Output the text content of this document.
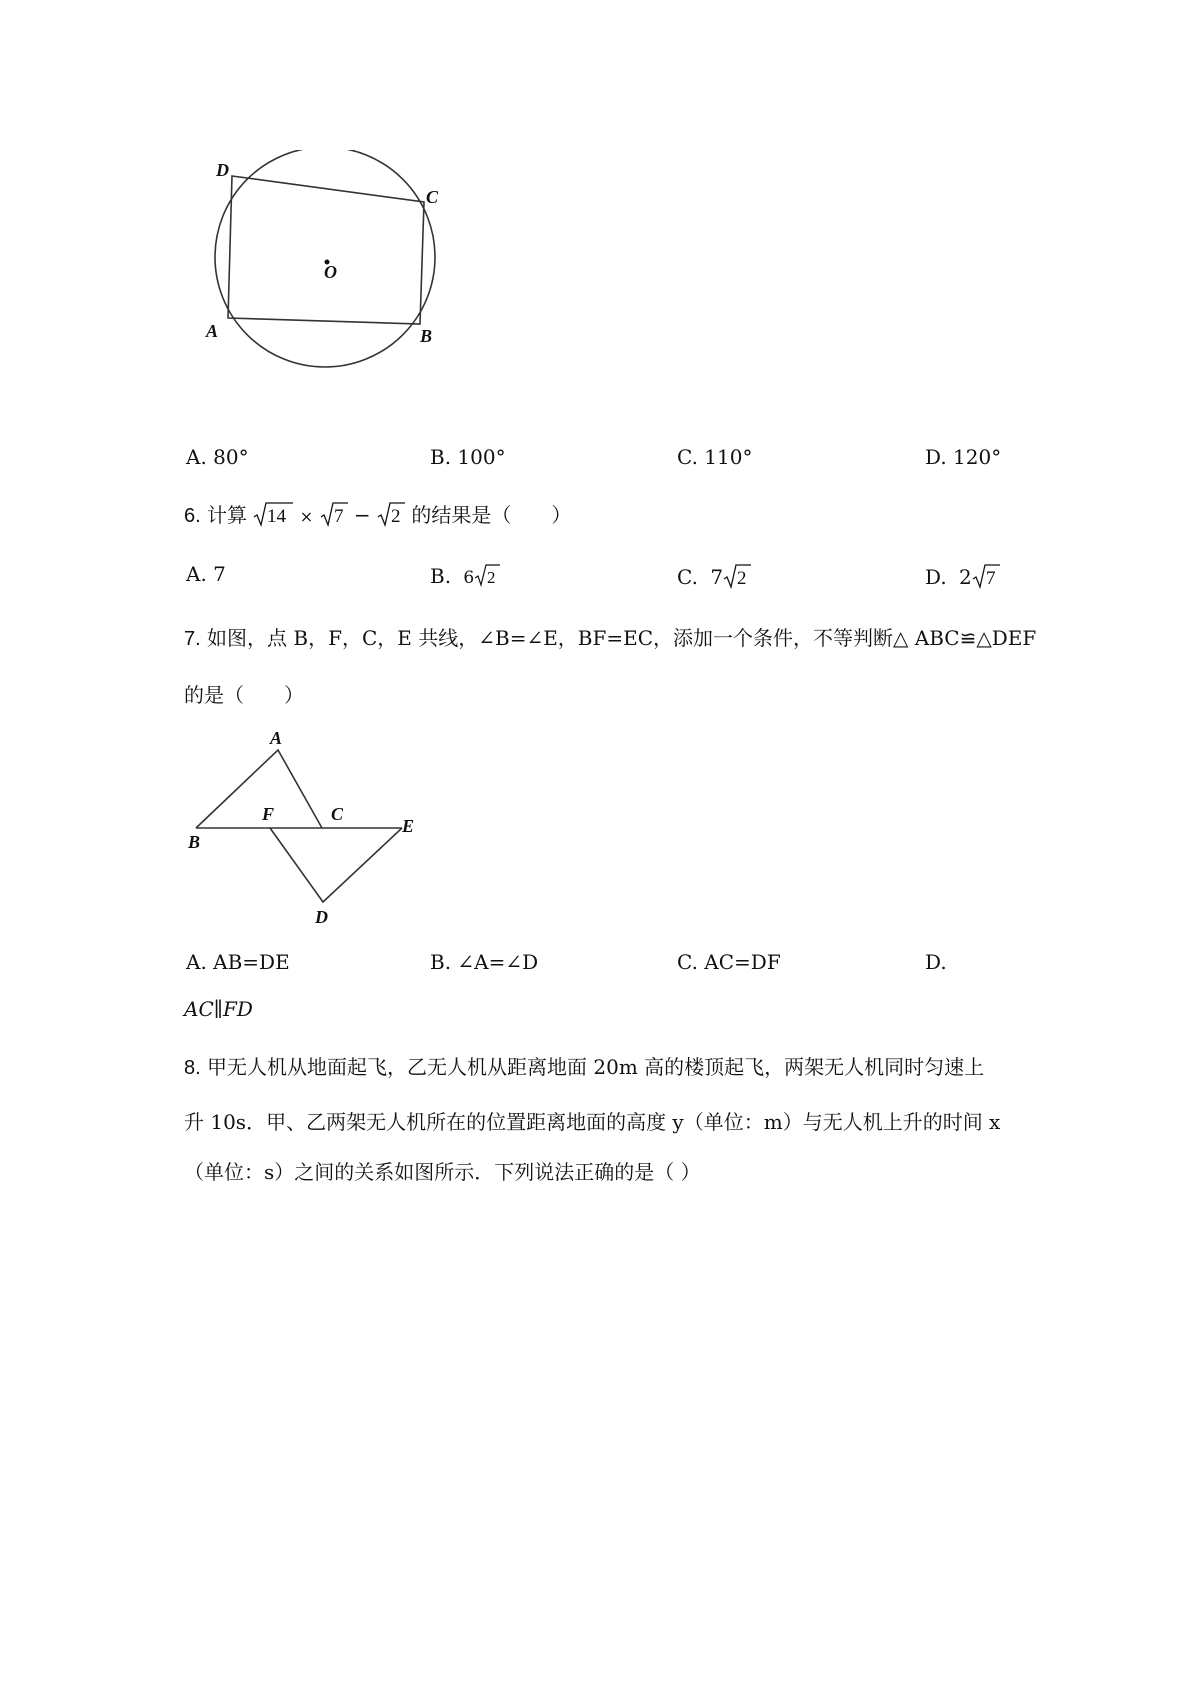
D
C
O
A	B
A. 80°	B. 100°	C. 110°	D. 120°
6. 计算 14 × 7 − 2 的结果是（　　）
A. 7	B. 6 2	C. 7 2	D. 2 7
7. 如图，点 B，F，C，E 共线，∠B=∠E，BF=EC，添加一个条件，不等判断△ ABC≌△DEF
的是（　　）
A
F	C
E
B
D
A. AB=DE	B. ∠A=∠D	C. AC=DF	D.
AC∥FD
8. 甲无人机从地面起飞，乙无人机从距离地面 20m 高的楼顶起飞，两架无人机同时匀速上
升 10s．甲、乙两架无人机所在的位置距离地面的高度 y（单位：m）与无人机上升的时间 x
（单位：s）之间的关系如图所示．下列说法正确的是（ ）
